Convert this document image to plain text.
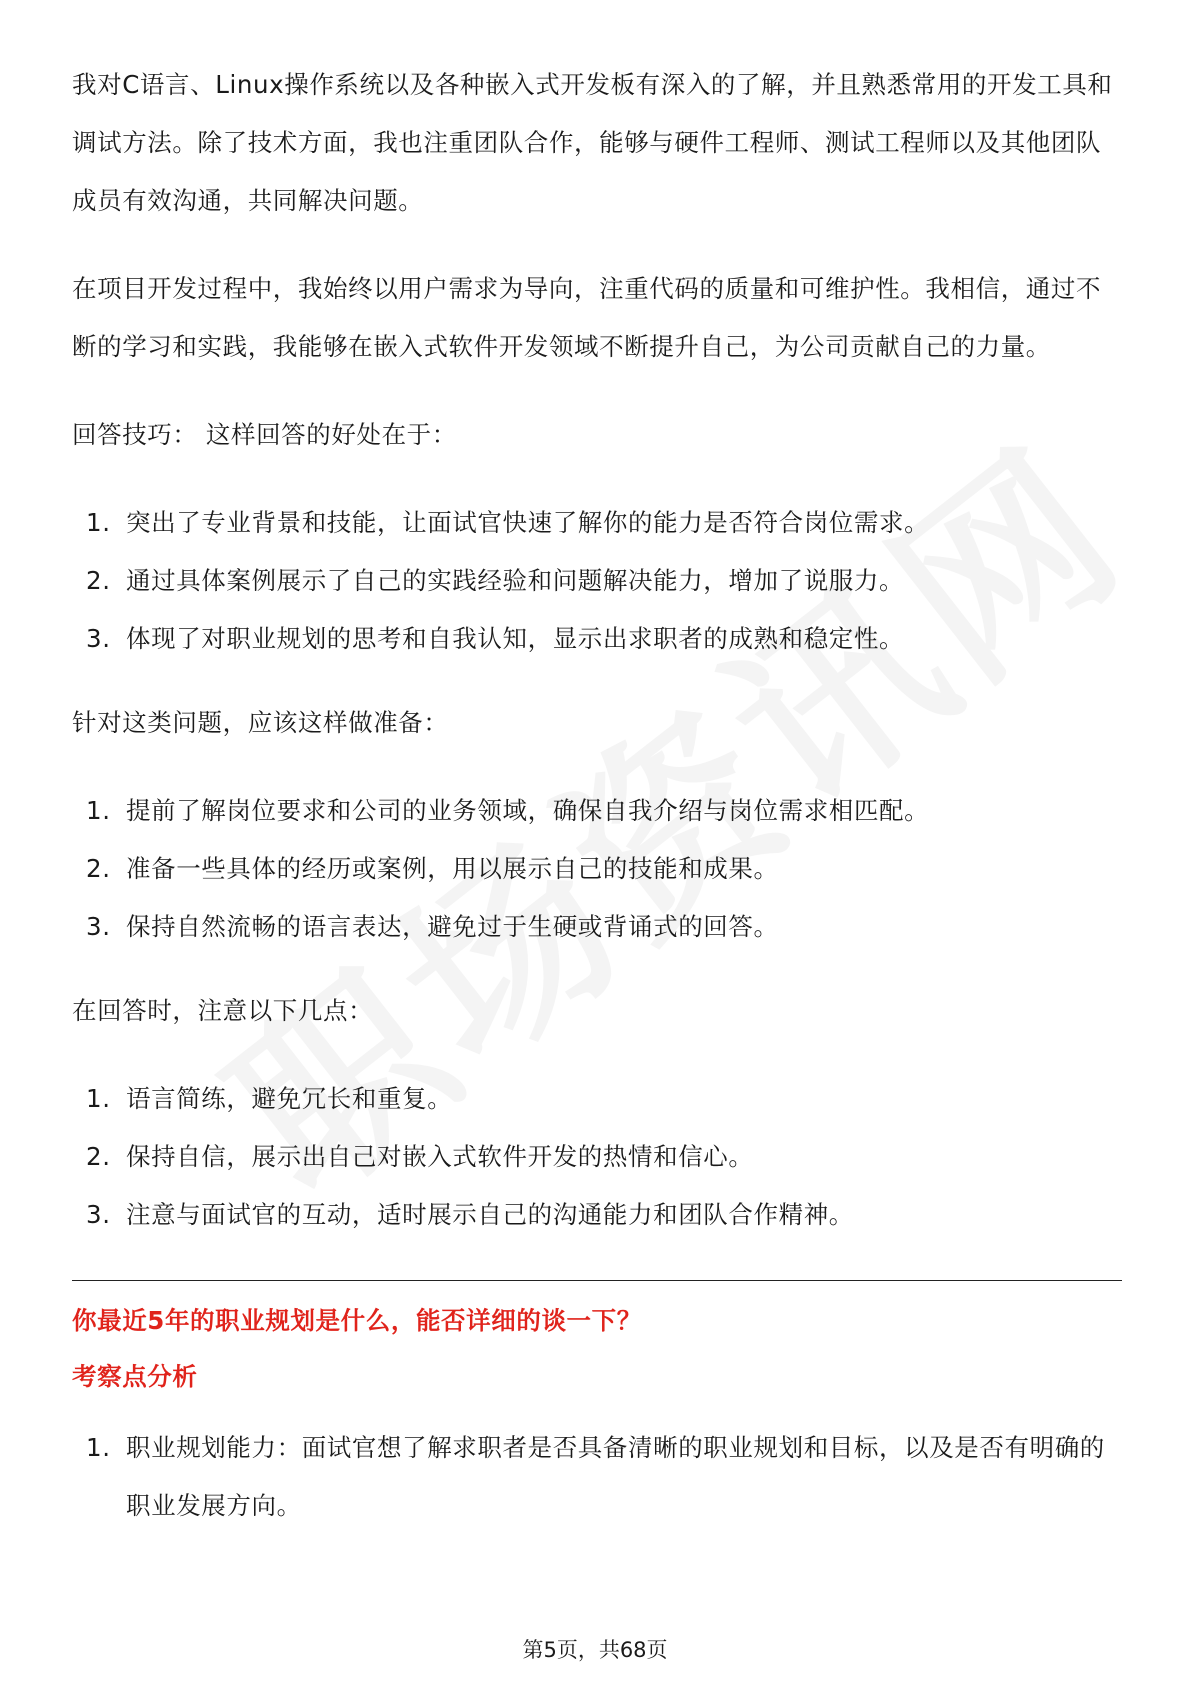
我对C语言、Linux操作系统以及各种嵌入式开发板有深入的了解，并且熟悉常用的开发工具和调试方法。除了技术方面，我也注重团队合作，能够与硬件工程师、测试工程师以及其他团队成员有效沟通，共同解决问题。

在项目开发过程中，我始终以用户需求为导向，注重代码的质量和可维护性。我相信，通过不断的学习和实践，我能够在嵌入式软件开发领域不断提升自己，为公司贡献自己的力量。

回答技巧： 这样回答的好处在于：

1. 突出了专业背景和技能，让面试官快速了解你的能力是否符合岗位需求。
2. 通过具体案例展示了自己的实践经验和问题解决能力，增加了说服力。
3. 体现了对职业规划的思考和自我认知，显示出求职者的成熟和稳定性。

针对这类问题，应该这样做准备：

1. 提前了解岗位要求和公司的业务领域，确保自我介绍与岗位需求相匹配。
2. 准备一些具体的经历或案例，用以展示自己的技能和成果。
3. 保持自然流畅的语言表达，避免过于生硬或背诵式的回答。

在回答时，注意以下几点：

1. 语言简练，避免冗长和重复。
2. 保持自信，展示出自己对嵌入式软件开发的热情和信心。
3. 注意与面试官的互动，适时展示自己的沟通能力和团队合作精神。
你最近5年的职业规划是什么，能否详细的谈一下？
考察点分析
1. 职业规划能力：面试官想了解求职者是否具备清晰的职业规划和目标，以及是否有明确的职业发展方向。
第5页，共68页
